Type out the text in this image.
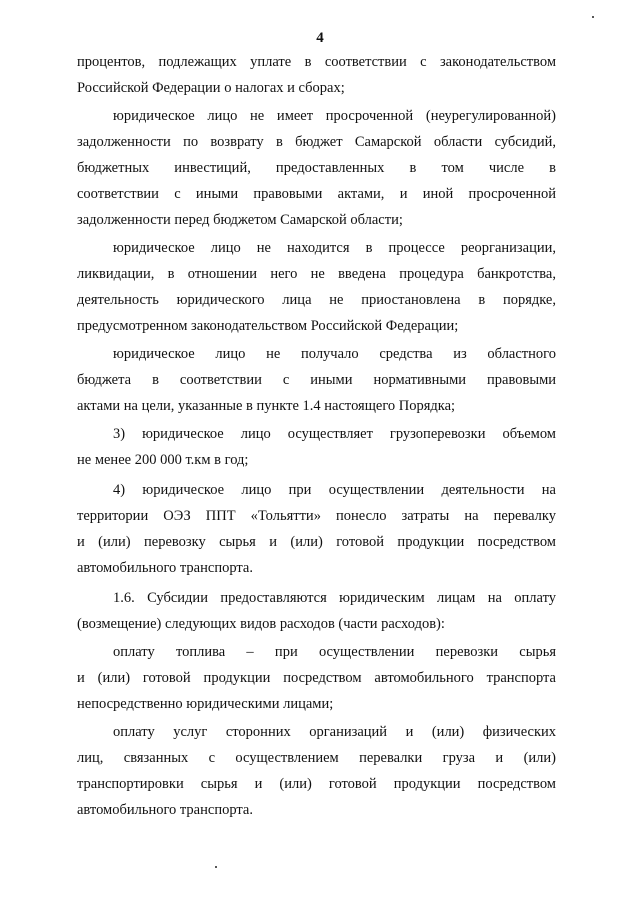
4
процентов, подлежащих уплате в соответствии с законодательством
Российской Федерации о налогах и сборах;
юридическое лицо не имеет просроченной (неурегулированной)
задолженности по возврату в бюджет Самарской области субсидий,
бюджетных инвестиций, предоставленных в том числе в
соответствии с иными правовыми актами, и иной просроченной
задолженности перед бюджетом Самарской области;
юридическое лицо не находится в процессе реорганизации,
ликвидации, в отношении него не введена процедура банкротства,
деятельность юридического лица не приостановлена в порядке,
предусмотренном законодательством Российской Федерации;
юридическое лицо не получало средства из областного
бюджета в соответствии с иными нормативными правовыми
актами на цели, указанные в пункте 1.4 настоящего Порядка;
3) юридическое лицо осуществляет грузоперевозки объемом
не менее 200 000 т.км в год;
4) юридическое лицо при осуществлении деятельности на
территории ОЭЗ ППТ «Тольятти» понесло затраты на перевалку
и (или) перевозку сырья и (или) готовой продукции посредством
автомобильного транспорта.
1.6. Субсидии предоставляются юридическим лицам на оплату
(возмещение) следующих видов расходов (части расходов):
оплату топлива – при осуществлении перевозки сырья
и (или) готовой продукции посредством автомобильного транспорта
непосредственно юридическими лицами;
оплату услуг сторонних организаций и (или) физических
лиц, связанных с осуществлением перевалки груза и (или)
транспортировки сырья и (или) готовой продукции посредством
автомобильного транспорта.
